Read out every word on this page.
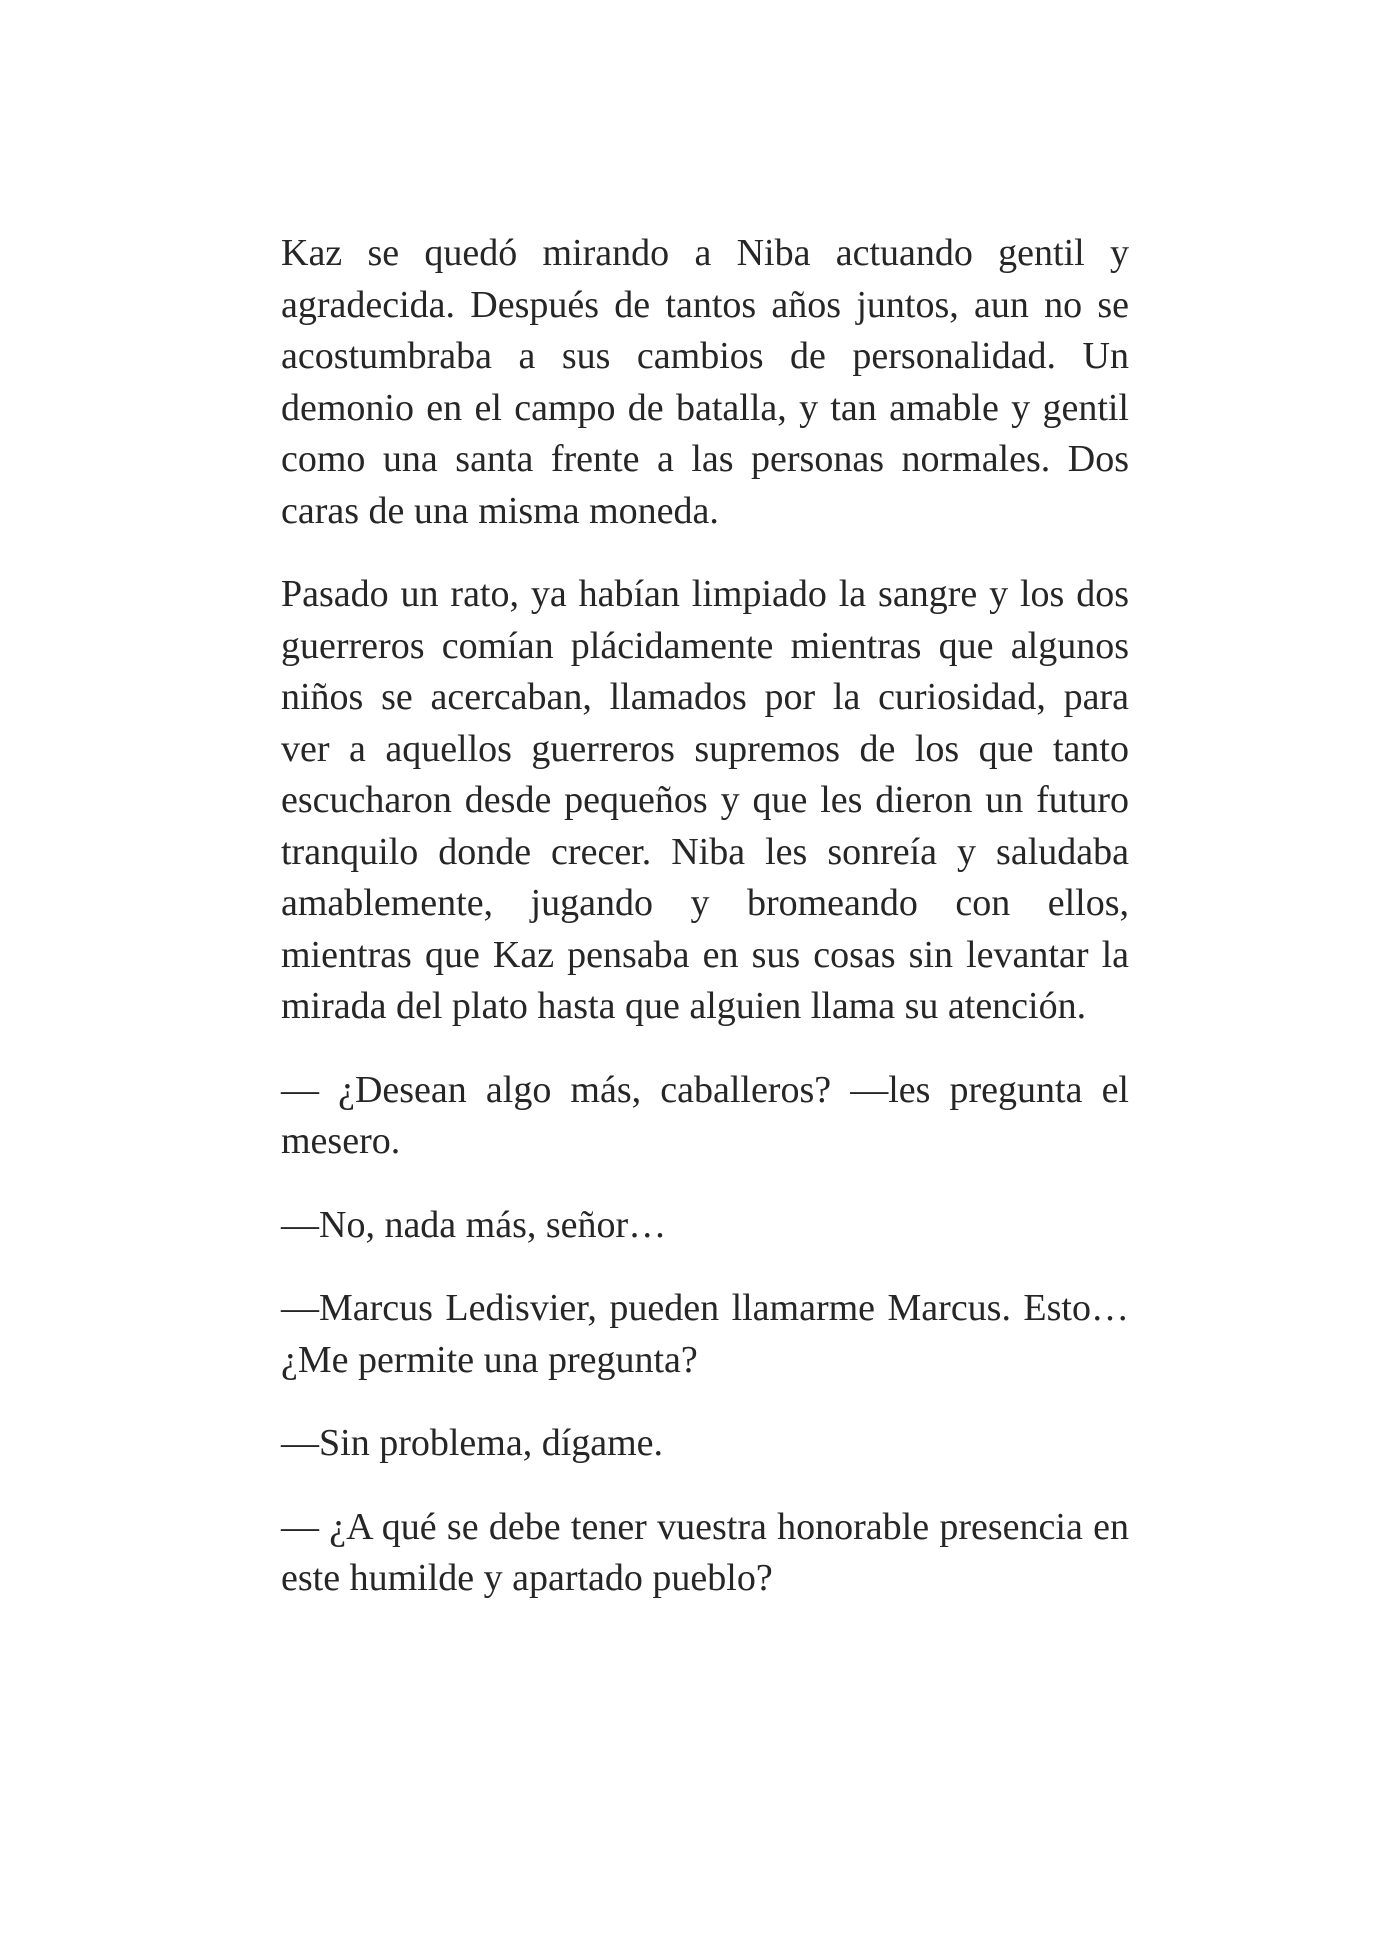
Kaz se quedó mirando a Niba actuando gentil y agradecida. Después de tantos años juntos, aun no se acostumbraba a sus cambios de personalidad. Un demonio en el campo de batalla, y tan amable y gentil como una santa frente a las personas normales. Dos caras de una misma moneda.

Pasado un rato, ya habían limpiado la sangre y los dos guerreros comían plácidamente mientras que algunos niños se acercaban, llamados por la curiosidad, para ver a aquellos guerreros supremos de los que tanto escucharon desde pequeños y que les dieron un futuro tranquilo donde crecer. Niba les sonreía y saludaba amablemente, jugando y bromeando con ellos, mientras que Kaz pensaba en sus cosas sin levantar la mirada del plato hasta que alguien llama su atención.

— ¿Desean algo más, caballeros? —les pregunta el mesero.

—No, nada más, señor…

—Marcus Ledisvier, pueden llamarme Marcus. Esto… ¿Me permite una pregunta?

—Sin problema, dígame.

— ¿A qué se debe tener vuestra honorable presencia en este humilde y apartado pueblo?
